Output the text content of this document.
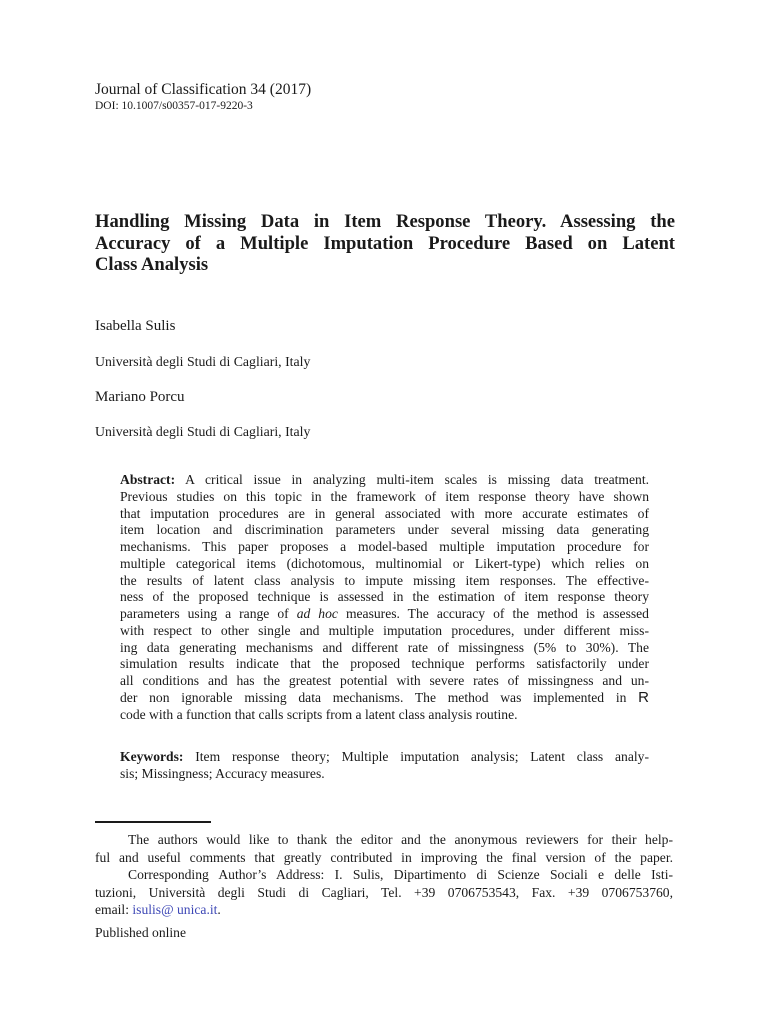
Journal of Classification 34 (2017)
DOI: 10.1007/s00357-017-9220-3
Handling Missing Data in Item Response Theory. Assessing the
Accuracy of a Multiple Imputation Procedure Based on Latent
Class Analysis
Isabella Sulis
Università degli Studi di Cagliari, Italy
Mariano Porcu
Università degli Studi di Cagliari, Italy
Abstract: A critical issue in analyzing multi-item scales is missing data treatment.
Previous studies on this topic in the framework of item response theory have shown
that imputation procedures are in general associated with more accurate estimates of
item location and discrimination parameters under several missing data generating
mechanisms. This paper proposes a model-based multiple imputation procedure for
multiple categorical items (dichotomous, multinomial or Likert-type) which relies on
the results of latent class analysis to impute missing item responses. The effective-
ness of the proposed technique is assessed in the estimation of item response theory
parameters using a range of ad hoc measures. The accuracy of the method is assessed
with respect to other single and multiple imputation procedures, under different miss-
ing data generating mechanisms and different rate of missingness (5% to 30%). The
simulation results indicate that the proposed technique performs satisfactorily under
all conditions and has the greatest potential with severe rates of missingness and un-
der non ignorable missing data mechanisms. The method was implemented in R
code with a function that calls scripts from a latent class analysis routine.
Keywords: Item response theory; Multiple imputation analysis; Latent class analy-
sis; Missingness; Accuracy measures.
The authors would like to thank the editor and the anonymous reviewers for their help-
ful and useful comments that greatly contributed in improving the final version of the paper.
Corresponding Author’s Address: I. Sulis, Dipartimento di Scienze Sociali e delle Isti-
tuzioni, Università degli Studi di Cagliari, Tel. +39 0706753543, Fax. +39 0706753760,
email: isulis@ unica.it.
Published online
